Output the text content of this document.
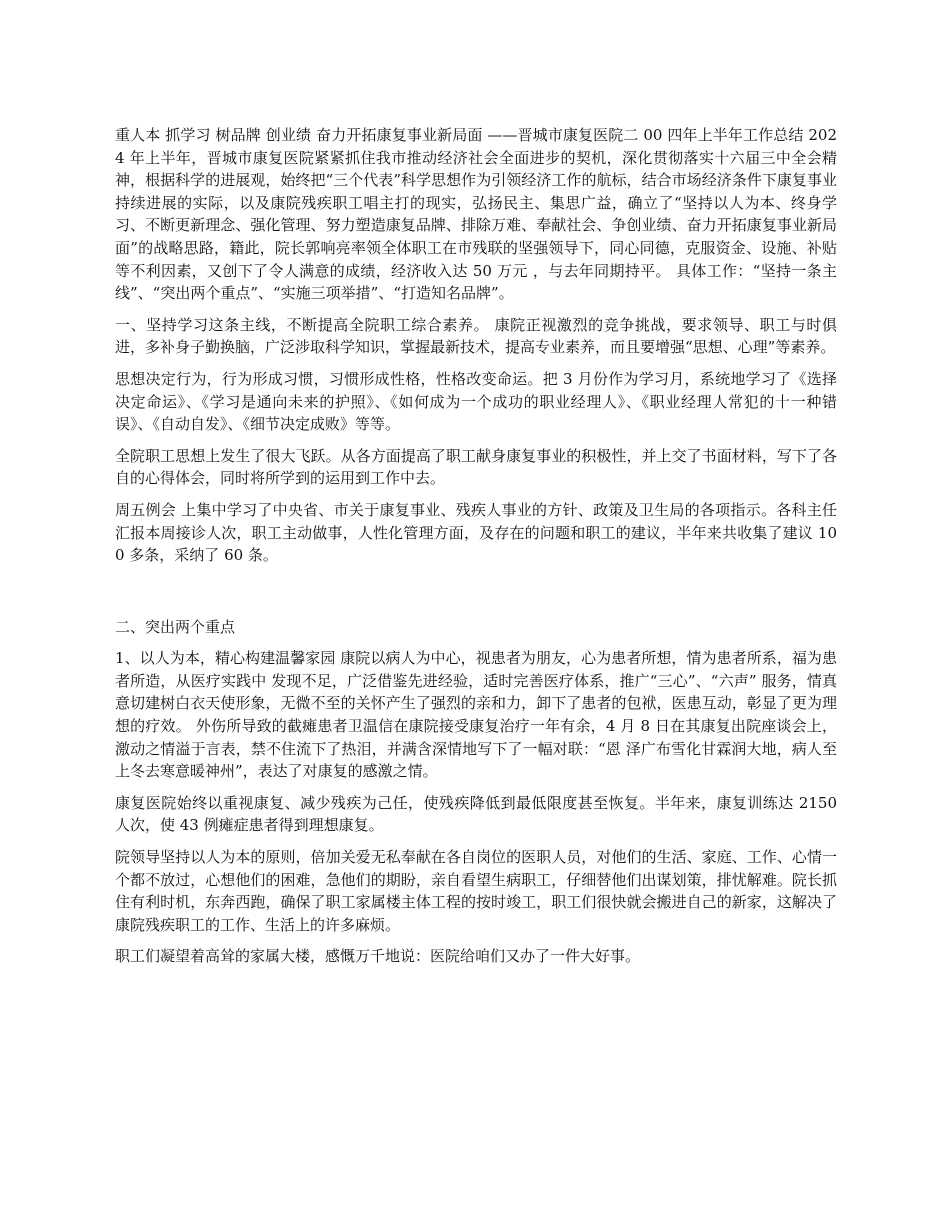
重人本 抓学习 树品牌 创业绩 奋力开拓康复事业新局面 ——晋城市康复医院二 00 四年上半年工作总结 2024 年上半年，晋城市康复医院紧紧抓住我市推动经济社会全面进步的契机，深化贯彻落实十六届三中全会精神，根据科学的进展观，始终把“三个代表”科学思想作为引领经济工作的航标，结合市场经济条件下康复事业持续进展的实际，以及康院残疾职工唱主打的现实，弘扬民主、集思广益，确立了“坚持以人为本、终身学习、不断更新理念、强化管理、努力塑造康复品牌、排除万难、奉献社会、争创业绩、奋力开拓康复事业新局面”的战略思路，籍此，院长郭响亮率领全体职工在市残联的坚强领导下，同心同德，克服资金、设施、补贴等不利因素，又创下了令人满意的成绩，经济收入达 50 万元 ，与去年同期持平。 具体工作：“坚持一条主线”、“突出两个重点”、“实施三项举措”、“打造知名品牌”。

一、坚持学习这条主线，不断提高全院职工综合素养。 康院正视激烈的竞争挑战，要求领导、职工与时俱进，多补身子勤换脑，广泛涉取科学知识，掌握最新技术，提高专业素养，而且要增强“思想、心理”等素养。

思想决定行为，行为形成习惯，习惯形成性格，性格改变命运。把 3 月份作为学习月，系统地学习了《选择决定命运》、《学习是通向未来的护照》、《如何成为一个成功的职业经理人》、《职业经理人常犯的十一种错误》、《自动自发》、《细节决定成败》等等。

全院职工思想上发生了很大飞跃。从各方面提高了职工献身康复事业的积极性，并上交了书面材料，写下了各自的心得体会，同时将所学到的运用到工作中去。

周五例会 上集中学习了中央省、市关于康复事业、残疾人事业的方针、政策及卫生局的各项指示。各科主任汇报本周接诊人次，职工主动做事，人性化管理方面，及存在的问题和职工的建议，半年来共收集了建议 100 多条，采纳了 60 条。

二、突出两个重点

1、以人为本，精心构建温馨家园 康院以病人为中心，视患者为朋友，心为患者所想，情为患者所系，福为患者所造，从医疗实践中 发现不足，广泛借鉴先进经验，适时完善医疗体系，推广“三心”、“六声” 服务，情真意切建树白衣天使形象，无微不至的关怀产生了强烈的亲和力，卸下了患者的包袱，医患互动，彰显了更为理想的疗效。 外伤所导致的截瘫患者卫温信在康院接受康复治疗一年有余，4 月 8 日在其康复出院座谈会上，激动之情溢于言表，禁不住流下了热泪，并满含深情地写下了一幅对联：“恩 泽广布雪化甘霖润大地，病人至上冬去寒意暖神州”，表达了对康复的感激之情。

康复医院始终以重视康复、减少残疾为己任，使残疾降低到最低限度甚至恢复。半年来，康复训练达 2150 人次，使 43 例瘫症患者得到理想康复。

院领导坚持以人为本的原则，倍加关爱无私奉献在各自岗位的医职人员，对他们的生活、家庭、工作、心情一个都不放过，心想他们的困难，急他们的期盼，亲自看望生病职工，仔细替他们出谋划策，排忧解难。院长抓住有利时机，东奔西跑，确保了职工家属楼主体工程的按时竣工，职工们很快就会搬进自己的新家，这解决了康院残疾职工的工作、生活上的许多麻烦。

职工们凝望着高耸的家属大楼，感慨万千地说：医院给咱们又办了一件大好事。
